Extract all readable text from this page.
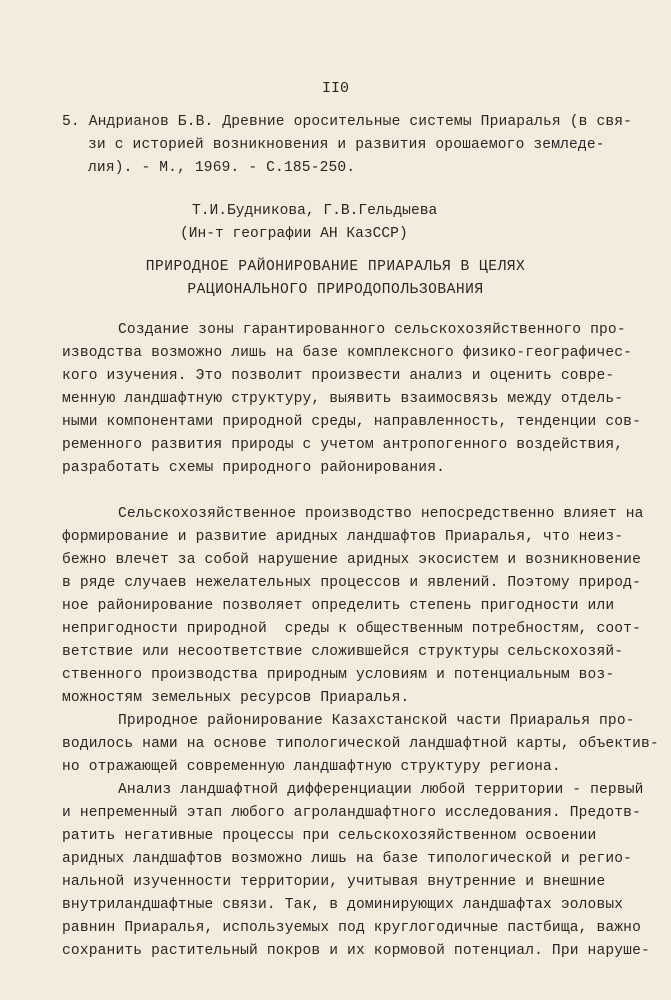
II0
5. Андрианов Б.В. Древние оросительные системы Приаралья (в свя-
зи с историей возникновения и развития орошаемого земледе-
лия). - М., 1969. - С.185-250.
Т.И.Будникова, Г.В.Гельдыева
(Ин-т географии АН КазССР)
ПРИРОДНОЕ РАЙОНИРОВАНИЕ ПРИАРАЛЬЯ В ЦЕЛЯХ
РАЦИОНАЛЬНОГО ПРИРОДОПОЛЬЗОВАНИЯ
Создание зоны гарантированного сельскохозяйственного про-
изводства возможно лишь на базе комплексного физико-географичес-
кого изучения. Это позволит произвести анализ и оценить совре-
менную ландшафтную структуру, выявить взаимосвязь между отдель-
ными компонентами природной среды, направленность, тенденции сов-
ременного развития природы с учетом антропогенного воздействия,
разработать схемы природного районирования.
Сельскохозяйственное производство непосредственно влияет на
формирование и развитие аридных ландшафтов Приаралья, что неиз-
бежно влечет за собой нарушение аридных экосистем и возникновение
в ряде случаев нежелательных процессов и явлений. Поэтому природ-
ное районирование позволяет определить степень пригодности или
непригодности природной  среды к общественным потребностям, соот-
ветствие или несоответствие сложившейся структуры сельскохозяй-
ственного производства природным условиям и потенциальным воз-
можностям земельных ресурсов Приаралья.
Природное районирование Казахстанской части Приаралья про-
водилось нами на основе типологической ландшафтной карты, объектив-
но отражающей современную ландшафтную структуру региона.
Анализ ландшафтной дифференциации любой территории - первый
и непременный этап любого агроландшафтного исследования. Предотв-
ратить негативные процессы при сельскохозяйственном освоении
аридных ландшафтов возможно лишь на базе типологической и регио-
нальной изученности территории, учитывая внутренние и внешние
внутриландшафтные связи. Так, в доминирующих ландшафтах эоловых
равнин Приаралья, используемых под круглогодичные пастбища, важно
сохранить растительный покров и их кормовой потенциал. При наруше-
